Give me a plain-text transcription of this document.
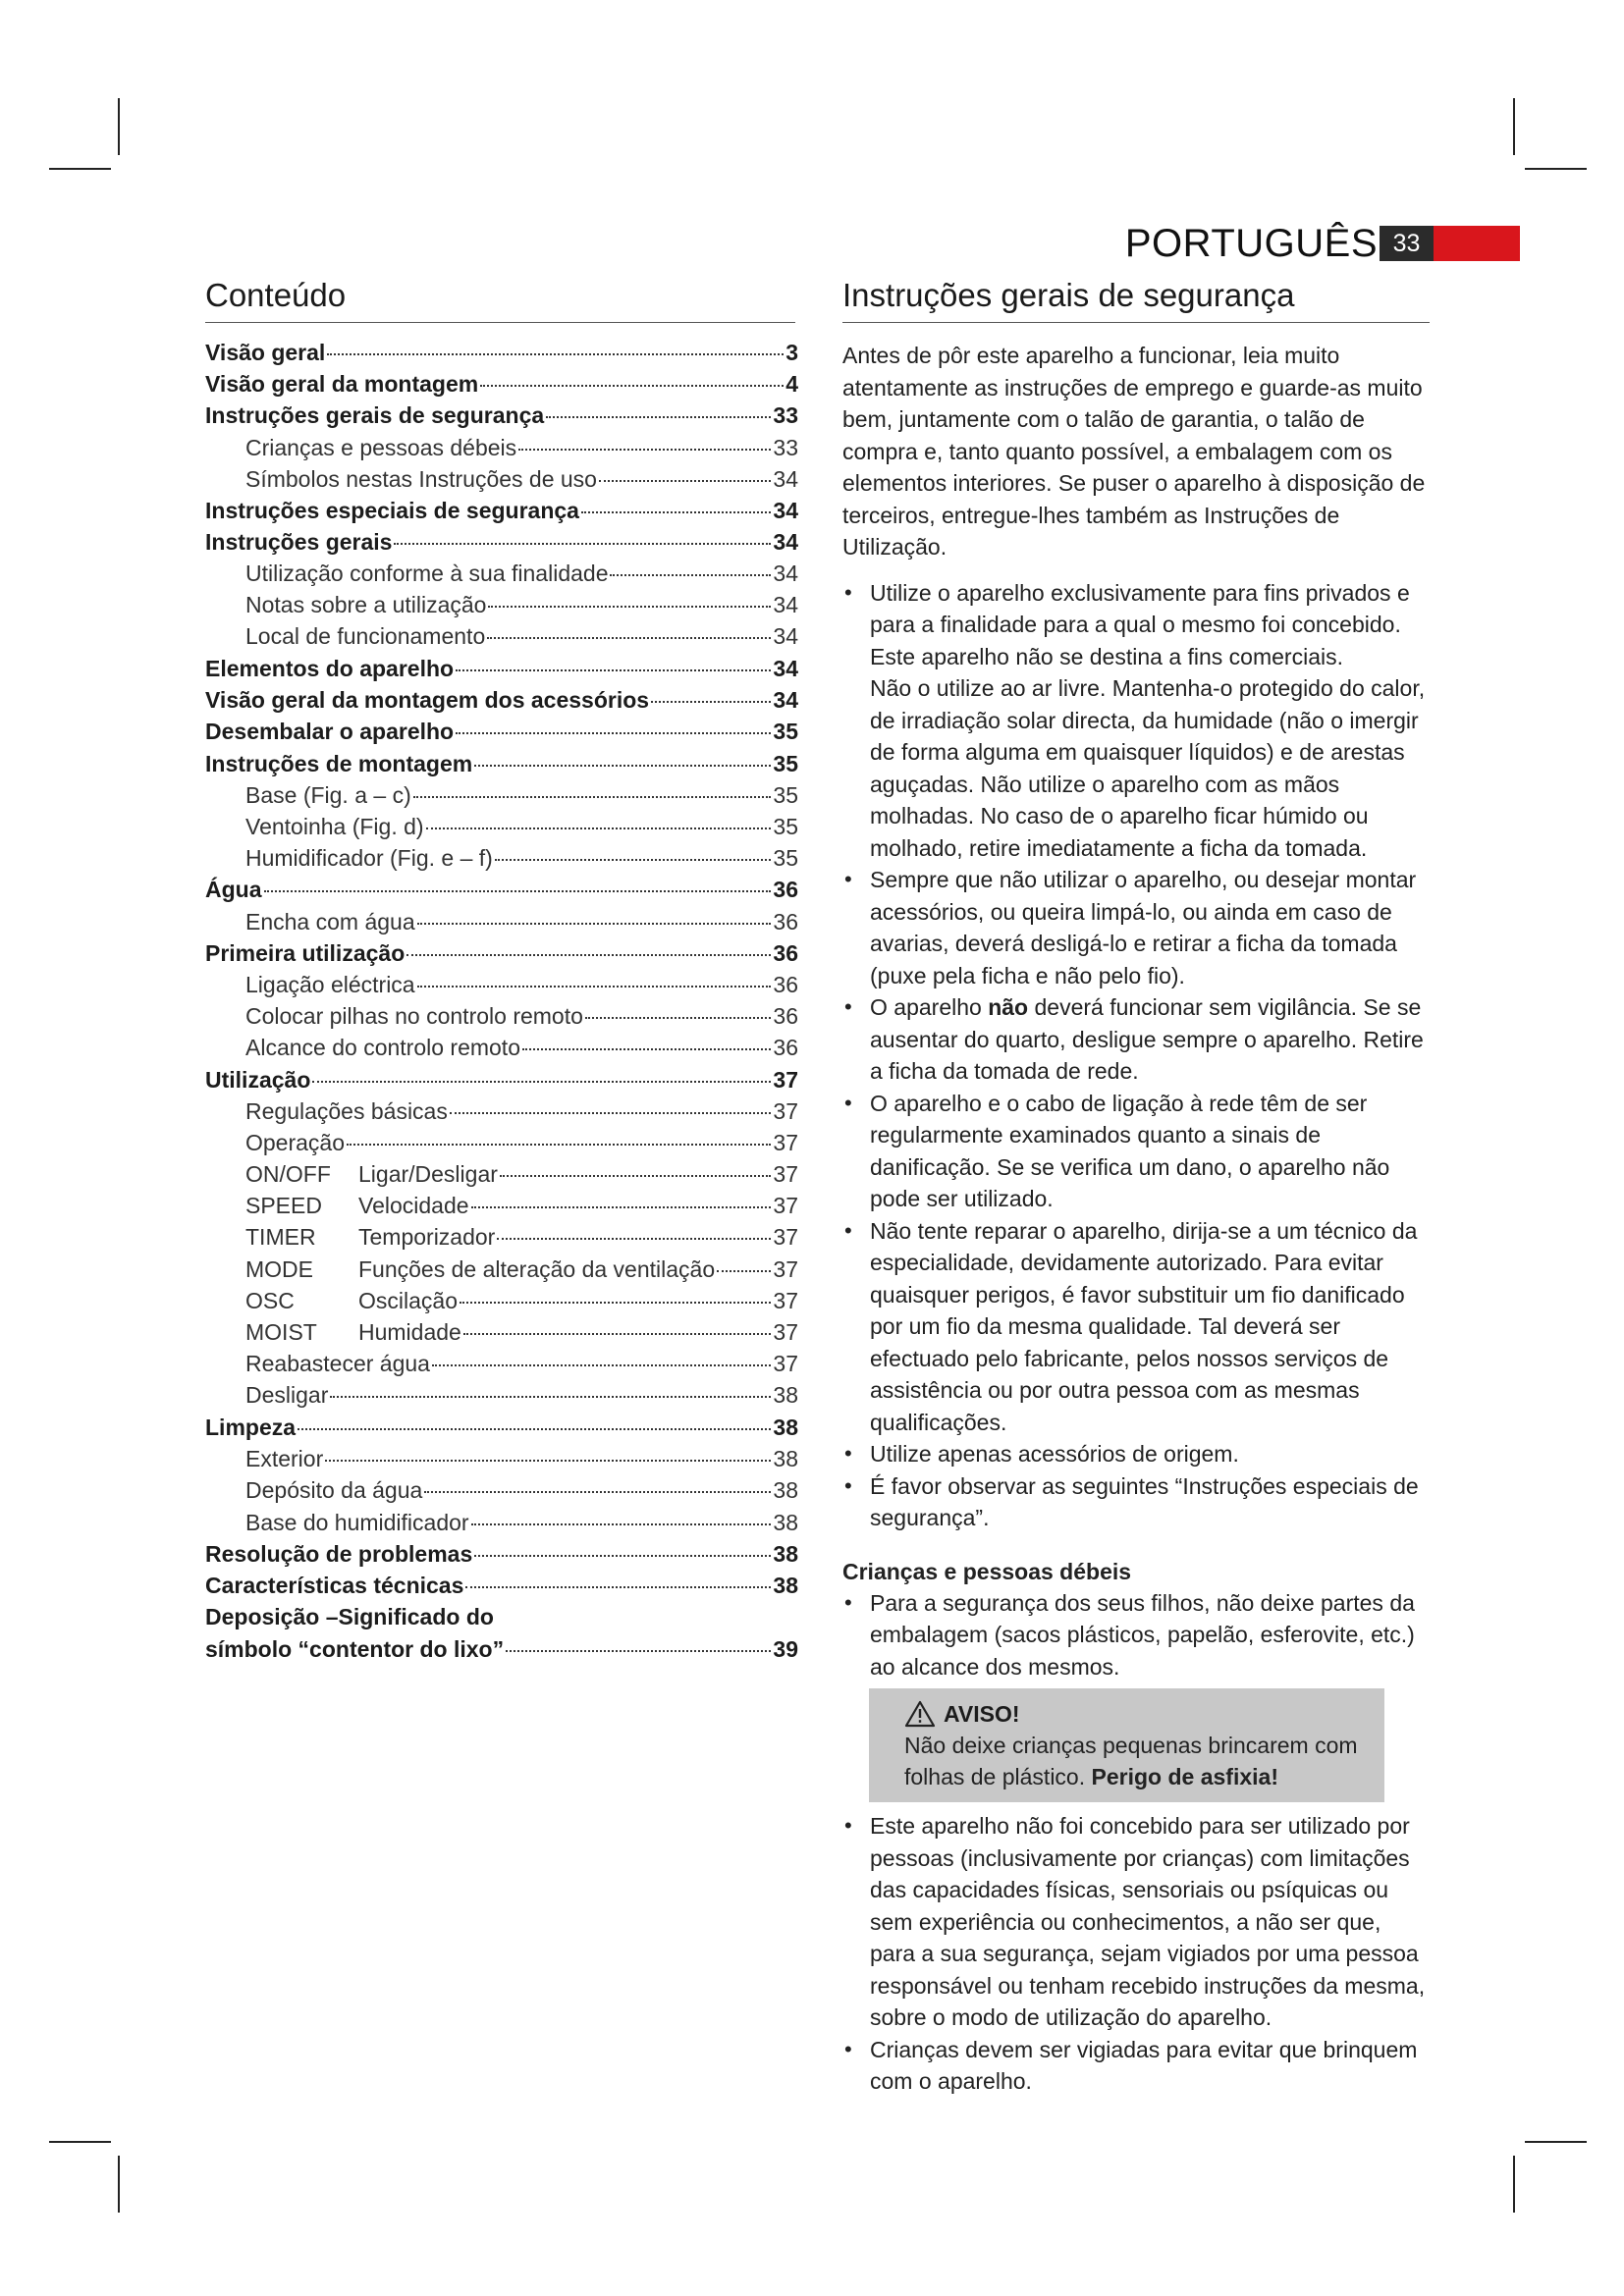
PORTUGUÊS 33
Conteúdo
Visão geral	3
Visão geral da montagem	4
Instruções gerais de segurança	33
Crianças e pessoas débeis	33
Símbolos nestas Instruções de uso	34
Instruções especiais de segurança	34
Instruções gerais	34
Utilização conforme à sua finalidade	34
Notas sobre a utilização	34
Local de funcionamento	34
Elementos do aparelho	34
Visão geral da montagem dos acessórios	34
Desembalar o aparelho	35
Instruções de montagem	35
Base (Fig. a – c)	35
Ventoinha (Fig. d)	35
Humidificador (Fig. e – f)	35
Água	36
Encha com água	36
Primeira utilização	36
Ligação eléctrica	36
Colocar pilhas no controlo remoto	36
Alcance do controlo remoto	36
Utilização	37
Regulações básicas	37
Operação	37
ON/OFF	Ligar/Desligar	37
SPEED	Velocidade	37
TIMER	Temporizador	37
MODE	Funções de alteração da ventilação	37
OSC	Oscilação	37
MOIST	Humidade	37
Reabastecer água	37
Desligar	38
Limpeza	38
Exterior	38
Depósito da água	38
Base do humidificador	38
Resolução de problemas	38
Características técnicas	38
Deposição –Significado do
símbolo “contentor do lixo”	39
Instruções gerais de segurança

Antes de pôr este aparelho a funcionar, leia muito atentamente as instruções de emprego e guarde-as muito bem, juntamente com o talão de garantia, o talão de compra e, tanto quanto possível, a embalagem com os elementos interiores. Se puser o aparelho à disposição de terceiros, entregue-lhes também as Instruções de Utilização.

• Utilize o aparelho exclusivamente para fins privados e para a finalidade para a qual o mesmo foi concebido. Este aparelho não se destina a fins comerciais.
Não o utilize ao ar livre. Mantenha-o protegido do calor, de irradiação solar directa, da humidade (não o imergir de forma alguma em quaisquer líquidos) e de arestas aguçadas. Não utilize o aparelho com as mãos molhadas. No caso de o aparelho ficar húmido ou molhado, retire imediatamente a ficha da tomada.
• Sempre que não utilizar o aparelho, ou desejar montar acessórios, ou queira limpá-lo, ou ainda em caso de avarias, deverá desligá-lo e retirar a ficha da tomada (puxe pela ficha e não pelo fio).
• O aparelho não deverá funcionar sem vigilância. Se se ausentar do quarto, desligue sempre o aparelho. Retire a ficha da tomada de rede.
• O aparelho e o cabo de ligação à rede têm de ser regularmente examinados quanto a sinais de danificação. Se se verifica um dano, o aparelho não pode ser utilizado.
• Não tente reparar o aparelho, dirija-se a um técnico da especialidade, devidamente autorizado. Para evitar quaisquer perigos, é favor substituir um fio danificado por um fio da mesma qualidade. Tal deverá ser efectuado pelo fabricante, pelos nossos serviços de assistência ou por outra pessoa com as mesmas qualificações.
• Utilize apenas acessórios de origem.
• É favor observar as seguintes “Instruções especiais de segurança”.
Crianças e pessoas débeis
• Para a segurança dos seus filhos, não deixe partes da embalagem (sacos plásticos, papelão, esferovite, etc.) ao alcance dos mesmos.
AVISO!
Não deixe crianças pequenas brincarem com folhas de plástico. Perigo de asfixia!
• Este aparelho não foi concebido para ser utilizado por pessoas (inclusivamente por crianças) com limitações das capacidades físicas, sensoriais ou psíquicas ou sem experiência ou conhecimentos, a não ser que, para a sua segurança, sejam vigiados por uma pessoa responsável ou tenham recebido instruções da mesma, sobre o modo de utilização do aparelho.
• Crianças devem ser vigiadas para evitar que brinquem com o aparelho.
